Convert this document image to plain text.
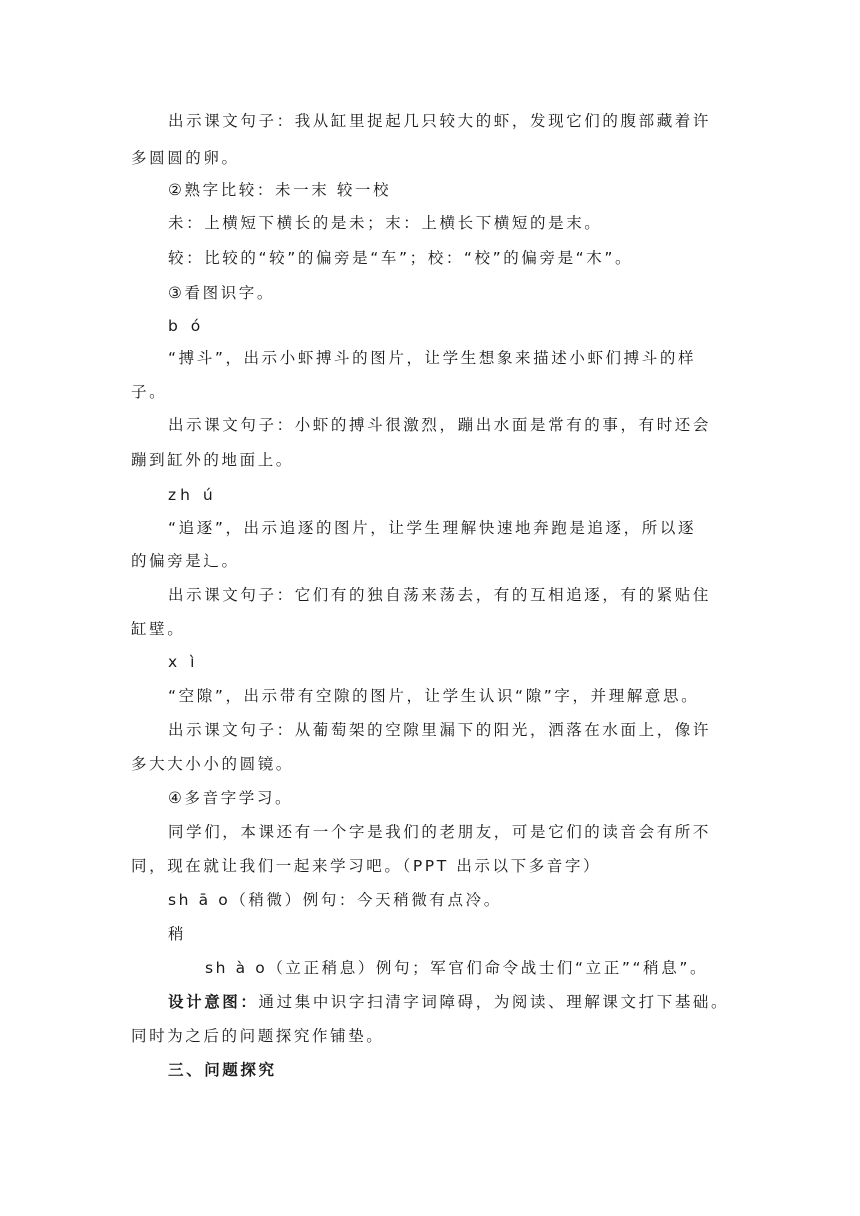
出示课文句子：我从缸里捉起几只较大的虾，发现它们的腹部藏着许
多圆圆的卵。
②熟字比较：未一末 较一校
未：上横短下横长的是未；末：上横长下横短的是末。
较：比较的“较”的偏旁是“车”；校：“校”的偏旁是“木”。
③看图识字。
b ó
“搏斗”，出示小虾搏斗的图片，让学生想象来描述小虾们搏斗的样
子。
出示课文句子：小虾的搏斗很激烈，蹦出水面是常有的事，有时还会
蹦到缸外的地面上。
zh ú
“追逐”，出示追逐的图片，让学生理解快速地奔跑是追逐，所以逐
的偏旁是辶。
出示课文句子：它们有的独自荡来荡去，有的互相追逐，有的紧贴住
缸壁。
x ì
“空隙”，出示带有空隙的图片，让学生认识“隙”字，并理解意思。
出示课文句子：从葡萄架的空隙里漏下的阳光，洒落在水面上，像许
多大大小小的圆镜。
④多音字学习。
同学们，本课还有一个字是我们的老朋友，可是它们的读音会有所不
同，现在就让我们一起来学习吧。（PPT 出示以下多音字）
sh ā o（稍微）例句：今天稍微有点冷。
稍
sh à o（立正稍息）例句；军官们命令战士们“立正”“稍息”。
设计意图：通过集中识字扫清字词障碍，为阅读、理解课文打下基础。
同时为之后的问题探究作铺垫。
三、问题探究
